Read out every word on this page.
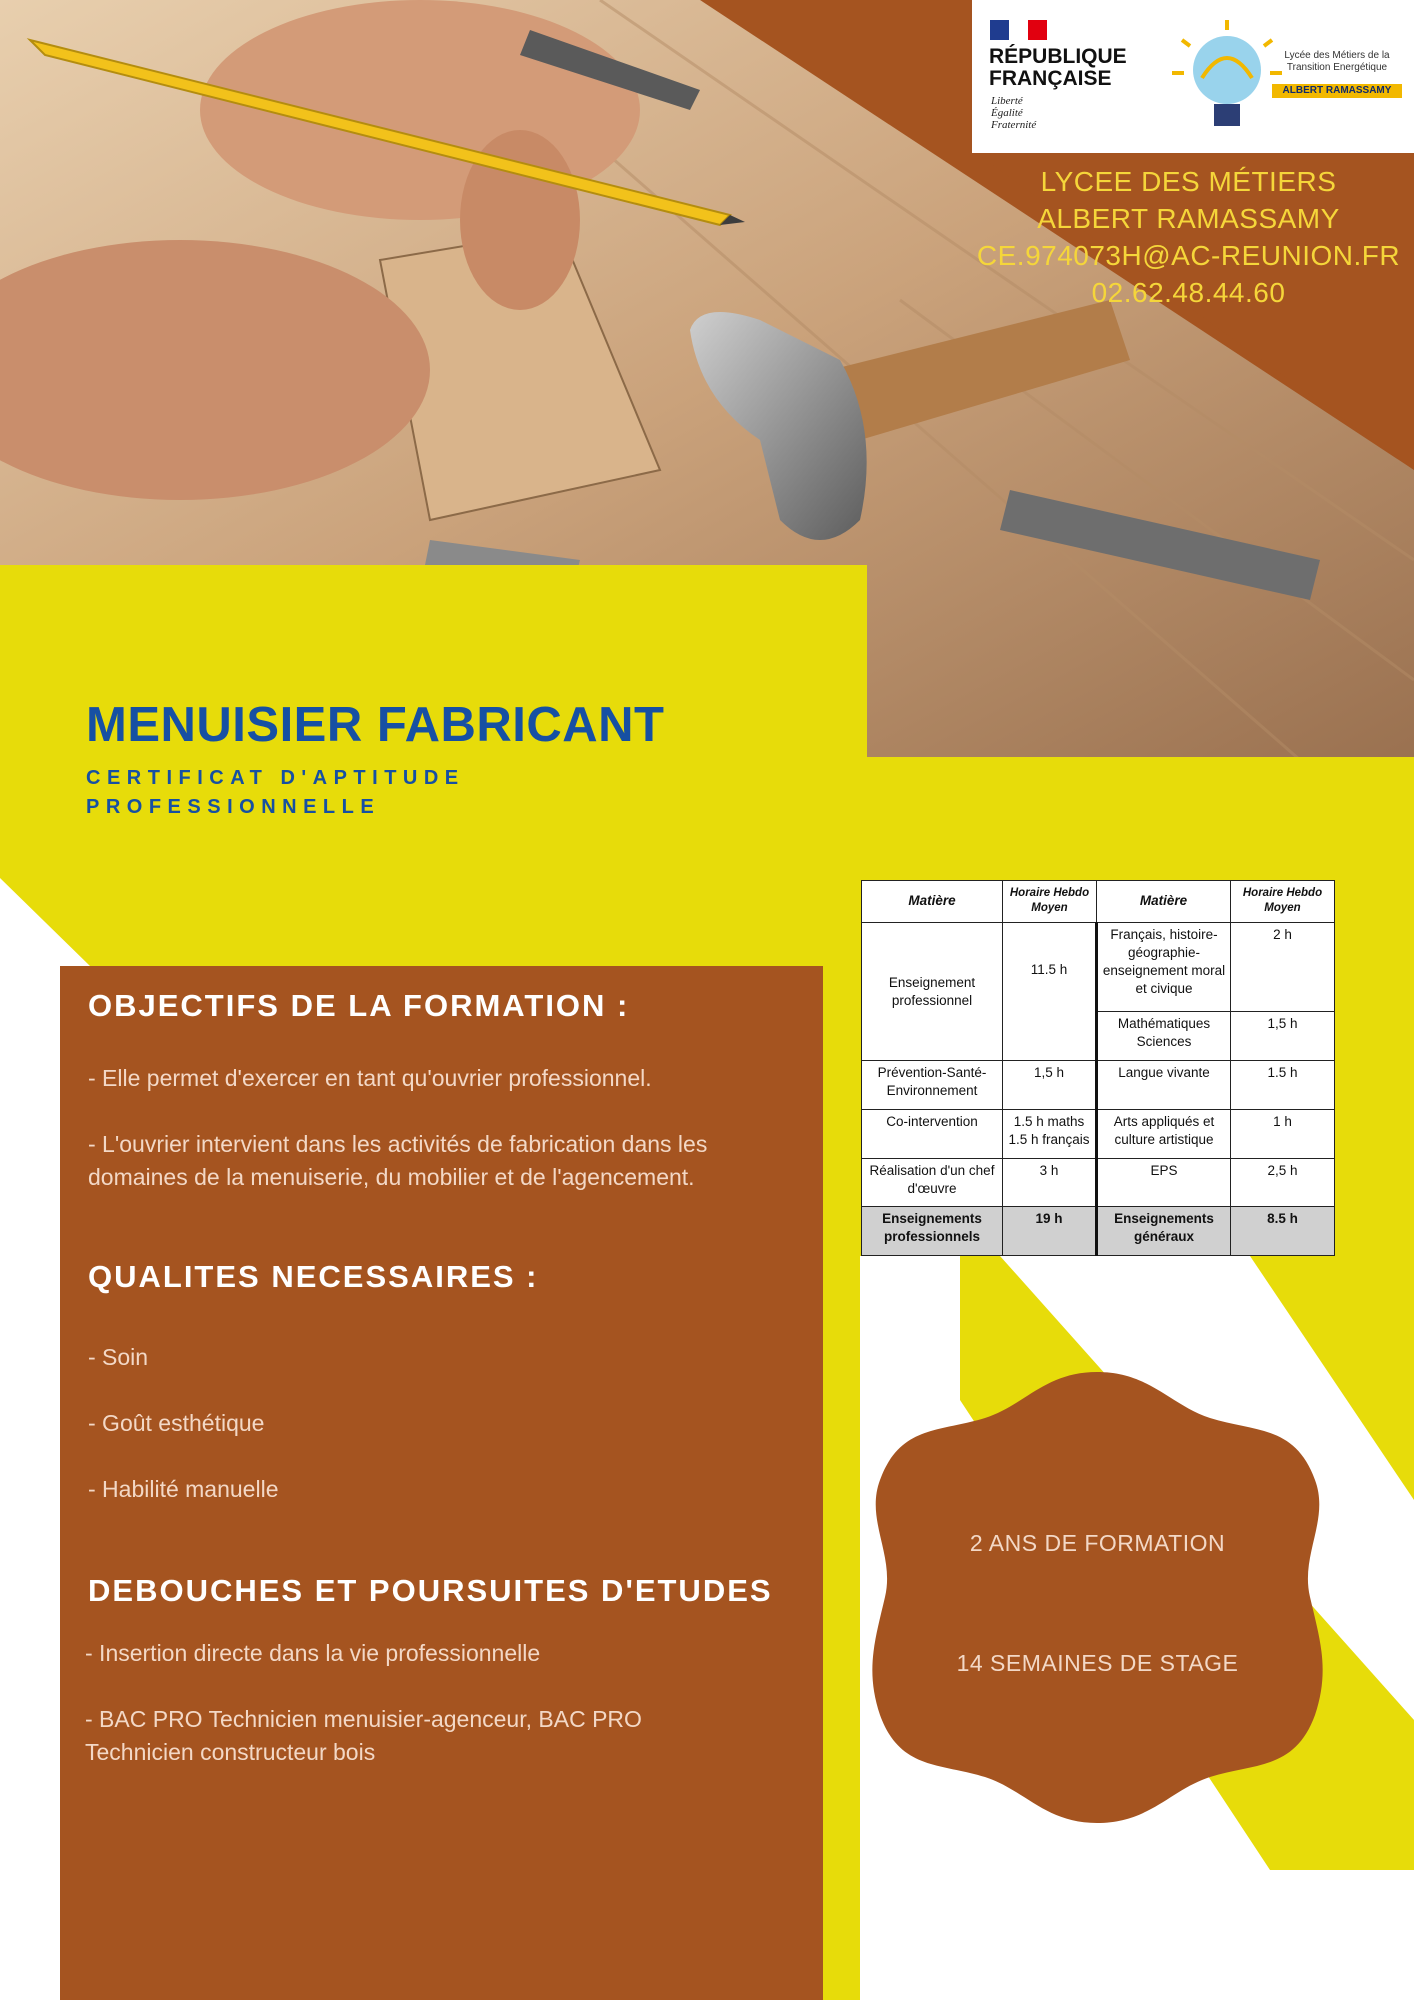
RÉPUBLIQUE
FRANÇAISE
Liberté
Égalité
Fraternité
Lycée des Métiers de la Transition Energétique
ALBERT RAMASSAMY
LYCEE DES MÉTIERS
ALBERT RAMASSAMY
CE.974073H@AC-REUNION.FR
02.62.48.44.60
MENUISIER FABRICANT
CERTIFICAT D'APTITUDE
PROFESSIONNELLE
OBJECTIFS DE LA FORMATION :
- Elle permet d'exercer en tant qu'ouvrier professionnel.
- L'ouvrier intervient dans les activités de fabrication dans les domaines de la menuiserie, du mobilier et de l'agencement.
QUALITES NECESSAIRES :
- Soin
- Goût esthétique
- Habilité manuelle
DEBOUCHES ET POURSUITES D'ETUDES
- Insertion directe dans la vie professionnelle
- BAC PRO Technicien menuisier-agenceur, BAC PRO Technicien constructeur bois
Matière	Horaire Hebdo Moyen	Matière	Horaire Hebdo Moyen
Enseignement professionnel	11.5 h	Français, histoire-géographie-enseignement moral et civique	2 h
		Mathématiques Sciences	1,5 h
Prévention-Santé-Environnement	1,5 h	Langue vivante	1.5 h
Co-intervention	1.5 h maths 1.5 h français	Arts appliqués et culture artistique	1 h
Réalisation d'un chef d'œuvre	3 h	EPS	2,5 h
Enseignements professionnels	19 h	Enseignements généraux	8.5 h
2 ANS DE FORMATION
14 SEMAINES DE STAGE
